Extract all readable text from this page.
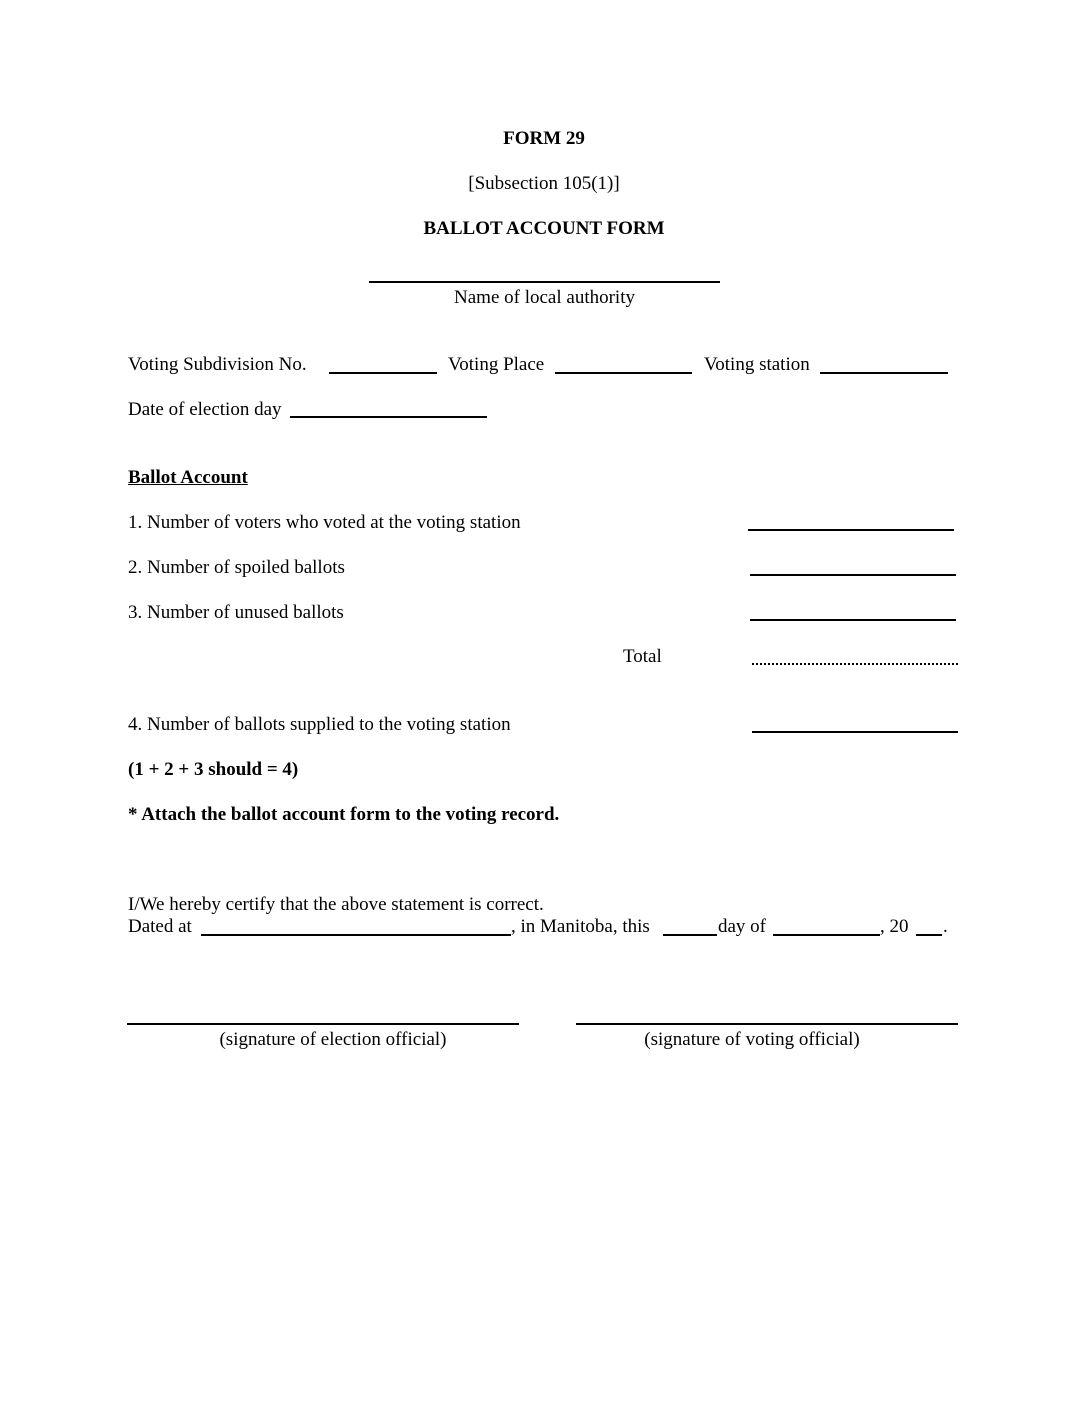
FORM 29
[Subsection 105(1)]
BALLOT ACCOUNT FORM
Name of local authority
Voting Subdivision No.	Voting Place	Voting station
Date of election day
Ballot Account
1. Number of voters who voted at the voting station
2. Number of spoiled ballots
3. Number of unused ballots
Total
4. Number of ballots supplied to the voting station
(1 + 2 + 3 should = 4)
* Attach the ballot account form to the voting record.
I/We hereby certify that the above statement is correct.
Dated at	, in Manitoba, this	day of	, 20 .
(signature of election official)	(signature of voting official)
